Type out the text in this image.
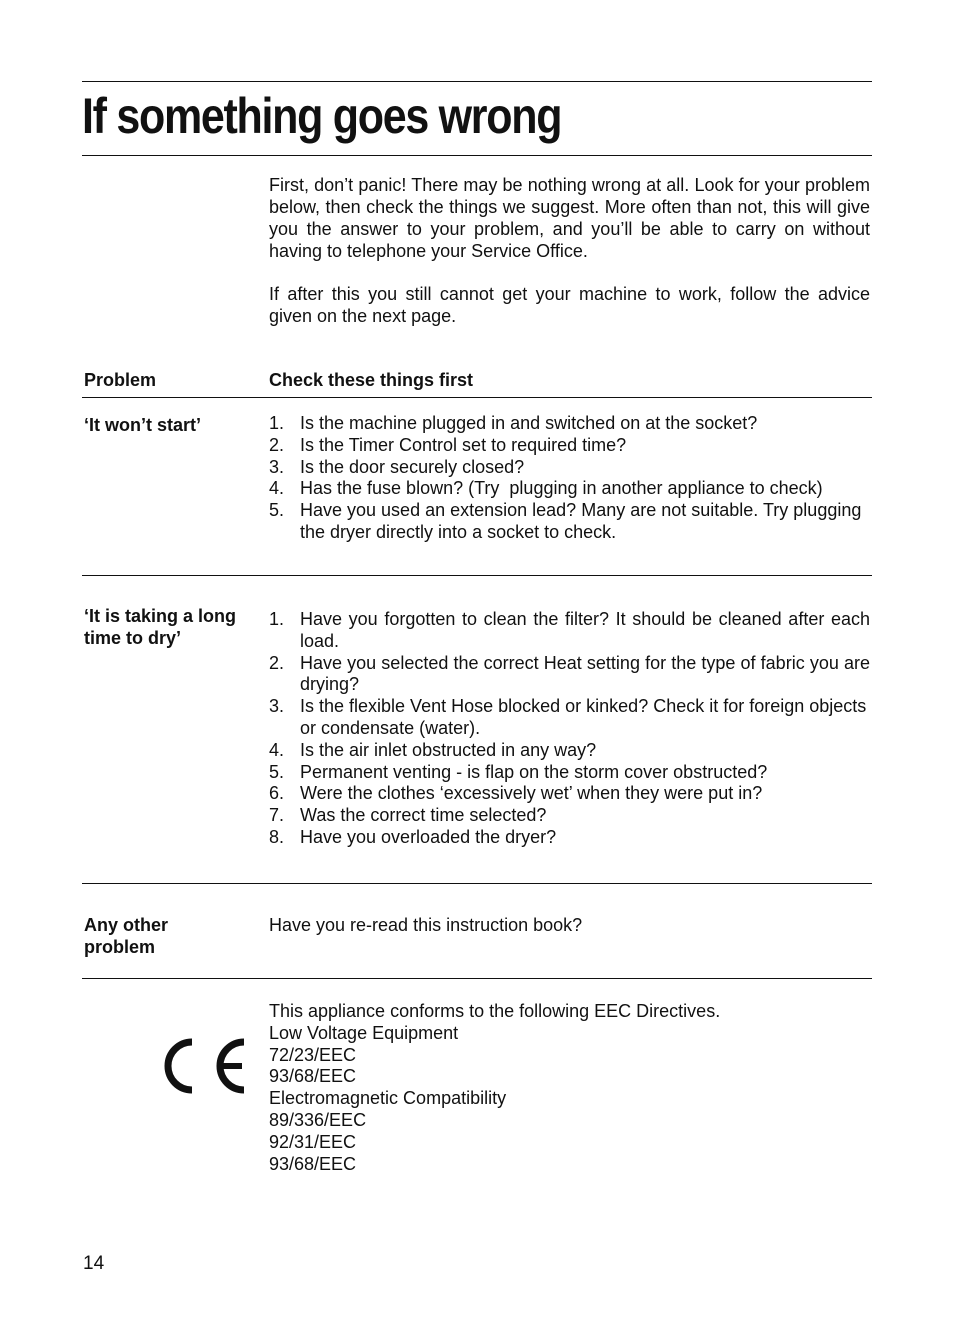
If something goes wrong

First, don’t panic! There may be nothing wrong at all. Look for your problem below, then check the things we suggest. More often than not, this will give you the answer to your problem, and you’ll be able to carry on without having to telephone your Service Office.

If after this you still cannot get your machine to work, follow the advice given on the next page.

Problem	Check these things first

‘It won’t start’	1. Is the machine plugged in and switched on at the socket?
2. Is the Timer Control set to required time?
3. Is the door securely closed?
4. Has the fuse blown? (Try  plugging in another appliance to check)
5. Have you used an extension lead? Many are not suitable. Try plugging the dryer directly into a socket to check.

‘It is taking a long time to dry’

1. Have you forgotten to clean the filter? It should be cleaned after each load.
2. Have you selected the correct Heat setting for the type of fabric you are drying?
3. Is the flexible Vent Hose blocked or kinked? Check it for foreign objects or condensate (water).
4. Is the air inlet obstructed in any way?
5. Permanent venting - is flap on the storm cover obstructed?
6. Were the clothes ‘excessively wet’ when they were put in?
7. Was the correct time selected?
8. Have you overloaded the dryer?

Any other problem

Have you re-read this instruction book?

This appliance conforms to the following EEC Directives.
Low Voltage Equipment
72/23/EEC
93/68/EEC
Electromagnetic Compatibility
89/336/EEC
92/31/EEC
93/68/EEC

14
